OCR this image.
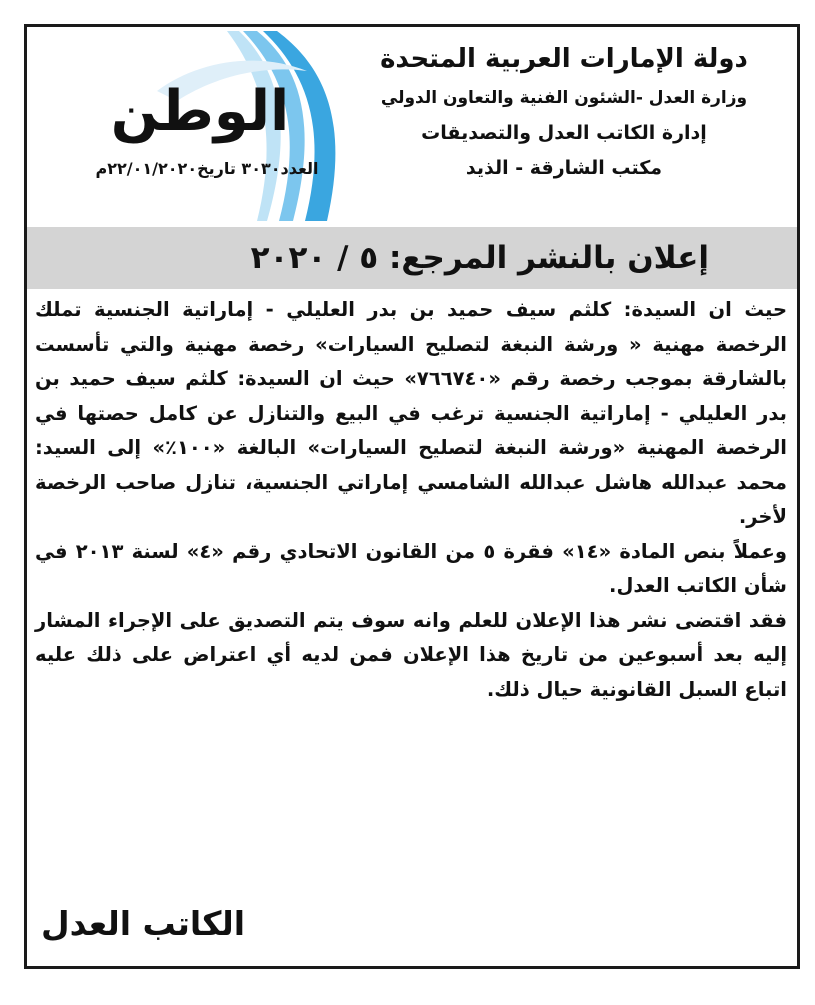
دولة الإمارات العربية المتحدة
وزارة العدل -الشئون الفنية والتعاون الدولي
إدارة الكاتب العدل والتصديقات
مكتب الشارقة - الذيد
الوطن
العدد٣٠٣٠ تاريخ٢٢/٠١/٢٠٢٠م
إعلان بالنشر المرجع: ٥ / ٢٠٢٠

حيث ان السيدة: كلثم سيف حميد بن بدر العليلي - إماراتية الجنسية تملك الرخصة مهنية « ورشة النبغة لتصليح السيارات» رخصة مهنية والتي تأسست بالشارقة بموجب رخصة رقم «٧٦٦٧٤٠» حيث ان السيدة: كلثم سيف حميد بن بدر العليلي - إماراتية الجنسية ترغب في البيع والتنازل عن كامل حصتها في الرخصة المهنية «ورشة النبغة لتصليح السيارات» البالغة «١٠٠٪» إلى السيد: محمد عبدالله هاشل عبدالله الشامسي إماراتي الجنسية، تنازل صاحب الرخصة لأخر.

وعملاً بنص المادة «١٤» فقرة ٥ من القانون الاتحادي رقم «٤» لسنة ٢٠١٣ في شأن الكاتب العدل.

فقد اقتضى نشر هذا الإعلان للعلم وانه سوف يتم التصديق على الإجراء المشار إليه بعد أسبوعين من تاريخ هذا الإعلان فمن لديه أي اعتراض على ذلك عليه اتباع السبل القانونية حيال ذلك.

الكاتب العدل
